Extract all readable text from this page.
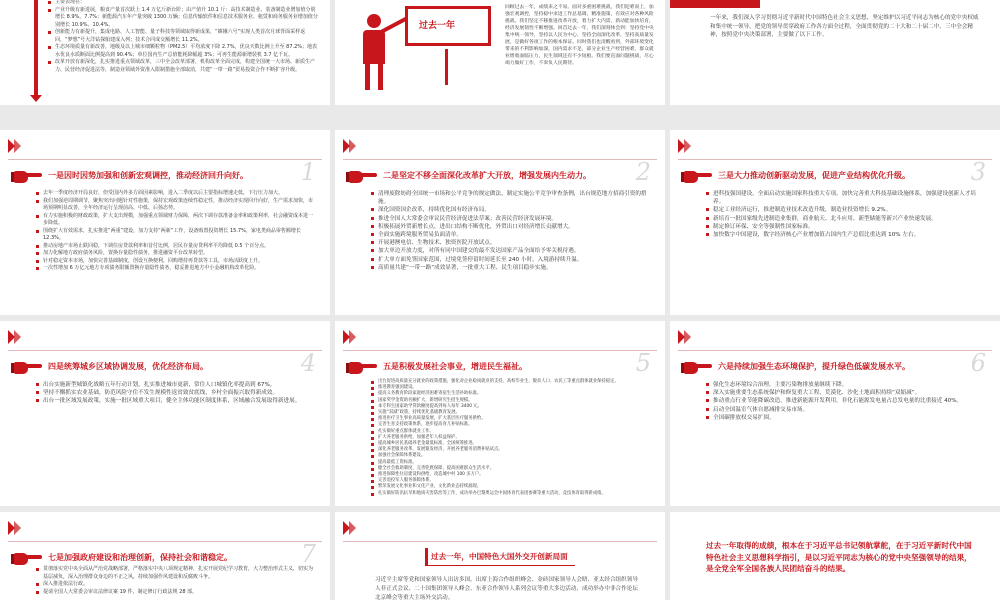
主要表现在：
产业升级有新进展，粮食产量首次跃上 1.4 万亿斤新台阶；由产值升 10.1 斤：高技术制造业、装备制造业增加值分别增长 8.9%、7.7%；新能源汽车年产量突破 1300 万辆；信息传输软件和信息技术服务业、租赁和商务服务业增加值分别增长 10.9%、10.4%。
创新能力有新提升，集成电路、人工智能、量子科技等领域取得新成果，“嫦娥六号”实现人类首次月球背面采样返回，“梦想”号大洋钻探船建成入列；技术合同成交额增长 11.2%。
生态环境质量有新改善，地级及以上城市细颗粒物（PM2.5）平均浓度下降 2.7%，优良天数比例上升至 87.2%；地表水优良水质断面比例提高到 90.4%；单位国内生产总值能耗降幅超 3%；可再生能源新增装机 3.7 亿千瓦。
改革开放有新深化，扎实推进重点领域改革，三中全会改革部署，机构改革全面完成，构建全国统一大市场、新质生产力、民营经济促进法等，制造业领域外资准入限制措施全部取消，共建“一带一路”贸易投资合作不断扩容升级。
过去一年
回顾过去一年，成绩来之不易。面对多重困难挑战，我们迎难而上，加强宏观调控，坚持稳中求进工作总基调，精准施策，有效应对各种风险挑战。我们坚定不移推进改革开放，着力扩大内需，新动能加快培育，经济发展韧性不断增强。回首过去一年，我们深刻体会到：坚持党中央集中统一领导，坚持以人民为中心，坚持全面深化改革，坚持高质量发展，是做好各项工作的根本保证。同时我们也清醒看到，外部环境变化带来的不利影响加深，国内需求不足，部分企业生产经营困难，群众就业增收面临压力，民生领域还有不少短板。我们要直面问题挑战，尽心竭力做好工作，不辜负人民期待。
一年来，我们深入学习贯彻习近平新时代中国特色社会主义思想，坚定维护以习近平同志为核心的党中央权威和集中统一领导，把党的领导贯穿政府工作各方面全过程，全面贯彻党的二十大和二十届二中、三中全会精神，按照党中央决策部署，主要做了以下工作。
1
一是因时因势加强和创新宏观调控，推动经济回升向好。
去年一季度经济开局良好，但受国内外多方面因素影响，进入二季度以后主要指标增速走低，下行压力加大。
我们加强逆周期调节，聚焦突出问题针对性施策，保持宏观政策连续性稳定性，推动经济实现回升向好，生产需求加快，市场预期明显改善，全年经济运行呈现前高、中低、后扬态势。
有力实施积极的财政政策，扩大支出规模，加强重点领域财力保障，两次下调存款准备金率和政策利率，社会融资成本进一步降低。
围绕扩大有效需求，扎实推进“两重”建设，加力支持“两新”工作，设备购置投资增长 15.7%，家电类商品零售额增长 12.3%。
推动房地产市场止跌回稳，下调住房贷款利率和首付比例，居民存量房贷利率平均降低 0.5 个百分点。
加力化解地方政府债务风险，置换存量隐性债务，推进融资平台改革转型。
针对稳定资本市场，加快完善基础制度，创设互换便利，回购增持再贷款等工具，市场活跃度上升。
一次性增加 6 万亿元地方专项债务限额置换存量隐性债务，稳妥推进地方中小金融机构改革化险。
2
二是坚定不移全面深化改革扩大开放，增强发展内生动力。
清理废除妨碍全国统一市场和公平竞争的规定做法，制定实施公平竞争审查条例，出台规范地方招商引资的措施。
深化国资国企改革，持续优化国有经济布局。
推进全国人大常委会审议民营经济促进法草案；改善民营经济发展环境。
积极拓展外贸新增长点，进出口结构不断优化，外贸出口对经济增长贡献增大。
全面实施跨境服务贸易负面清单。
开展港澳电信、生物技术、独资医院开放试点。
加大单边开放力度，对所有同中国建交的最不发达国家产品全面给予零关税待遇。
扩大单方面免签国家范围，过境免签停留时间延长至 240 小时，入境游持续升温。
高质量共建“一带一路”成效显著，一批重大工程、民生项目稳步实施。
3
三是大力推动创新驱动发展，促进产业结构优化升级。
进科技强国建设，全面启动实施国家科技重大专项，加快完善重大科技基础设施体系，加强建设创新人才培养。
稳定工业经济运行，推进制造业技术改造升级，制造业投资增长 9.2%。
新培育一批国家级先进制造业集群，商业航天、北斗应用、新型储能等新兴产业快速发展。
制定修订环保、安全等强制性国家标准。
加快数字中国建设，数字经济核心产业增加值占国内生产总值比重达到 10% 左右。
4
四是统筹城乡区域协调发展，优化经济布局。
出台实施新型城镇化战略五年行动计划，扎实推进城市更新，常住人口城镇化率提高到 67%。
坚持不懈抓实农业基础，防范风险守住不发生规模性返贫致贫底线，乡村全面振兴取得新成效。
出台一批区域发展政策，实施一批区域重大项目，健全主体功能区制度体系，区域融合发展取得新进展。
5
五是积极发展社会事业，增进民生福祉。
出台促进高质量充分就业的政策措施，强化对企业稳岗就业的支持，高校毕业生、脱贫人口、农民工等重点群体就业保持稳定。
推进教育强国建设。
提高义务教育阶段家庭经济困难寄宿生生活补助标准。
国家奖学金资助名额扩大，新增研究生招生规模。
本专科生国家助学贷款额度提高到每人每年 3400 元。
实施“双减”政策，持续优化基础教育发展。
推进医疗卫生事业高质量发展，扩大基层医疗服务供给。
完善生育支持政策体系，逐步提高育儿补贴标准。
扎实做好重点群体就业工作。
扩大养老服务供给，加强老年人权益保护。
提高城乡居民基础养老金最低标准，全国统筹推进。
深化养老服务改革，发展银发经济，开展养老服务消费补贴试点。
加强社会保障体系建设。
提高最低工资标准。
健全社会救助制度，完善兜底保障，提高困难群众生活水平。
推进保障性住房建设和供给，改造城中村 100 多万户。
完善退役军人服务保障体系。
繁荣发展文化事业和文化产业，文化新业态持续涌现。
扎实做好防汛抗旱和地质灾害防治等工作，成功举办巴黎奥运会中国体育代表团参赛等重大活动，竞技体育取得新成绩。
6
六是持续加强生态环境保护，提升绿色低碳发展水平。
强化生态环境综合治理，主要污染物排放量继续下降。
深入实施重要生态系统保护和修复重大工程，荒漠化、沙化土地面积持续“双缩减”。
推动重点行业节能降碳改造，推进新能源开发利用，非化石能源发电量占总发电量的比重接近 40%。
启动全国温室气体自愿减排交易市场。
全国碳排放权交易扩围。
7
七是加强政府建设和治理创新，保持社会和谐稳定。
贯彻落实党中央全面从严治党战略部署，严格落实中央八项规定精神，扎实开展党纪学习教育，大力整治形式主义，切实为基层减负，深入治理群众身边的不正之风，持续加强作风建设和反腐败斗争。
深入推进依法行政。
提请全国人大常委会审议法律议案 19 件，制定修订行政法规 28 部。
过去一年，中国特色大国外交开创新局面
习近平主席等党和国家领导人出访多国，出席上海合作组织峰会、金砖国家领导人会晤、亚太经合组织领导人非正式会议、二十国集团领导人峰会、东亚合作领导人系列会议等重大多边活动，成功举办中非合作论坛北京峰会等重大主场外交活动。
过去一年取得的成绩，根本在于习近平总书记领航掌舵，在于习近平新时代中国特色社会主义思想科学指引，是以习近平同志为核心的党中央坚强领导的结果，是全党全军全国各族人民团结奋斗的结果。
